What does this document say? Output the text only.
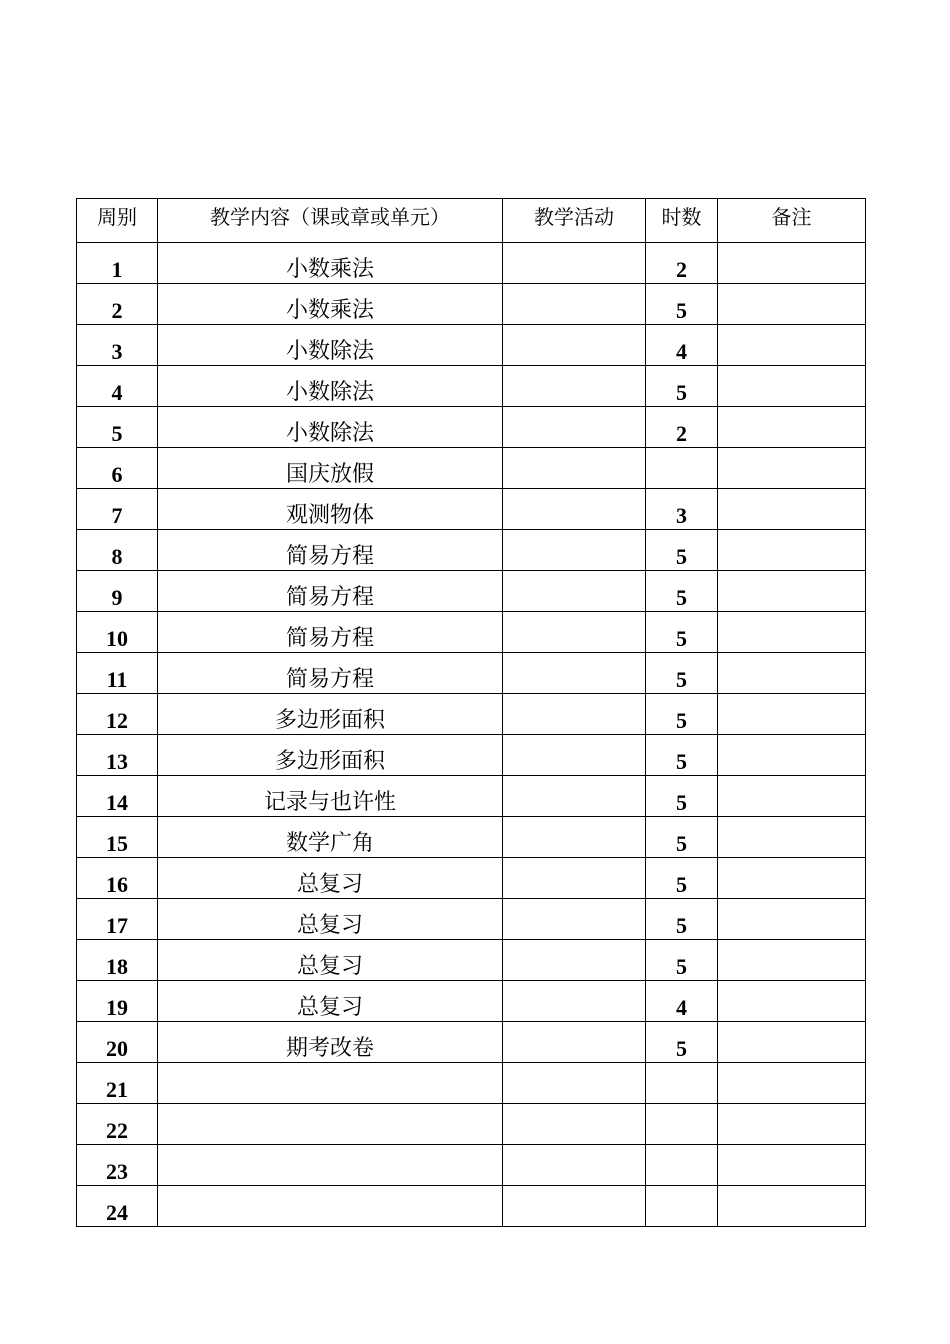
周别	教学内容（课或章或单元）	教学活动	时数	备注
1	小数乘法		2	
2	小数乘法		5	
3	小数除法		4	
4	小数除法		5	
5	小数除法		2	
6	国庆放假			
7	观测物体		3	
8	简易方程		5	
9	简易方程		5	
10	简易方程		5	
11	简易方程		5	
12	多边形面积		5	
13	多边形面积		5	
14	记录与也许性		5	
15	数学广角		5	
16	总复习		5	
17	总复习		5	
18	总复习		5	
19	总复习		4	
20	期考改卷		5	
21				
22				
23				
24				
